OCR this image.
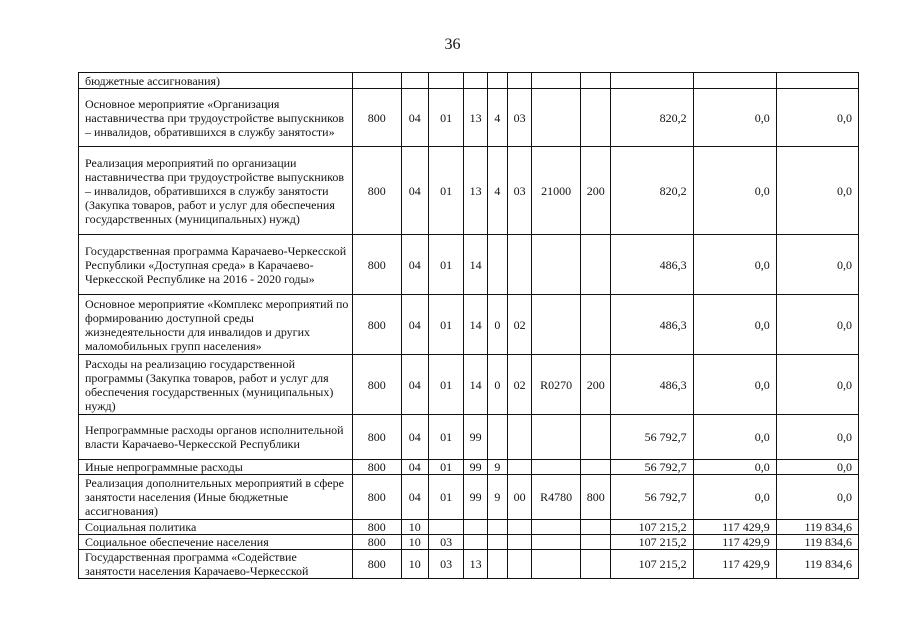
36
бюджетные ассигнования)											
Основное мероприятие «Организация наставничества при трудоустройстве выпускников – инвалидов, обратившихся в службу занятости»	800	04	01	13	4	03			820,2	0,0	0,0
Реализация мероприятий по организации наставничества при трудоустройстве выпускников – инвалидов, обратившихся в службу занятости (Закупка товаров, работ и услуг для обеспечения государственных (муниципальных) нужд)	800	04	01	13	4	03	21000	200	820,2	0,0	0,0
Государственная программа Карачаево-Черкесской Республики «Доступная среда» в Карачаево-Черкесской Республике на 2016 - 2020 годы»	800	04	01	14					486,3	0,0	0,0
Основное мероприятие «Комплекс мероприятий по формированию доступной среды жизнедеятельности для инвалидов и других маломобильных групп населения»	800	04	01	14	0	02			486,3	0,0	0,0
Расходы на реализацию государственной программы (Закупка товаров, работ и услуг для обеспечения государственных (муниципальных) нужд)	800	04	01	14	0	02	R0270	200	486,3	0,0	0,0
Непрограммные расходы органов исполнительной власти Карачаево-Черкесской Республики	800	04	01	99					56 792,7	0,0	0,0
Иные непрограммные расходы	800	04	01	99	9				56 792,7	0,0	0,0
Реализация дополнительных мероприятий в сфере занятости населения (Иные бюджетные ассигнования)	800	04	01	99	9	00	R4780	800	56 792,7	0,0	0,0
Социальная политика	800	10							107 215,2	117 429,9	119 834,6
Социальное обеспечение населения	800	10	03						107 215,2	117 429,9	119 834,6
Государственная программа «Содействие занятости населения Карачаево-Черкесской	800	10	03	13					107 215,2	117 429,9	119 834,6
